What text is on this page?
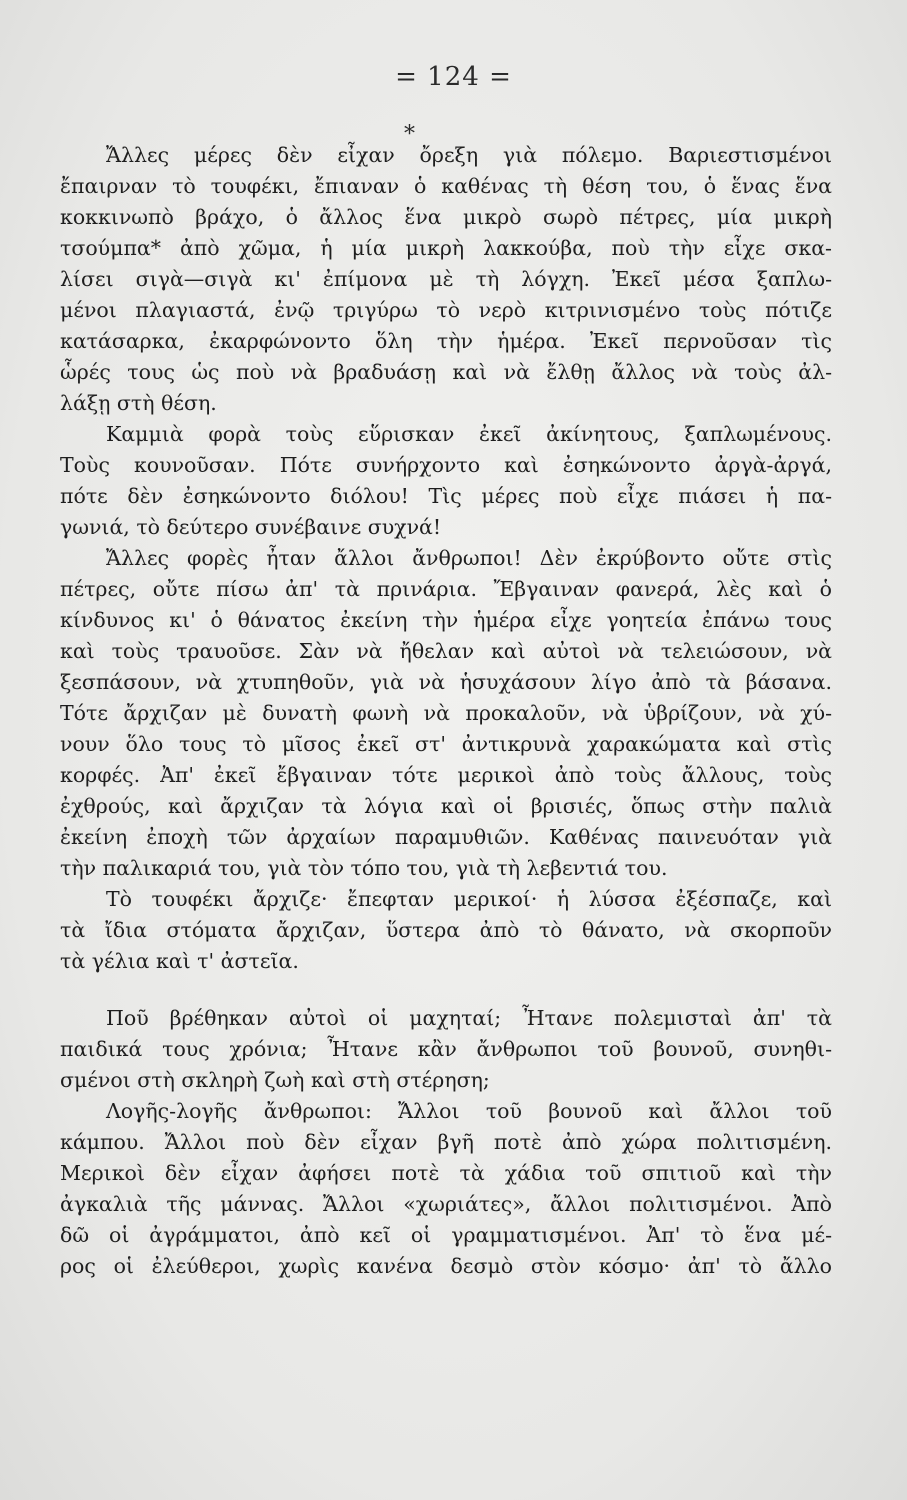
= 124 =
*
Ἄλλες μέρες δὲν εἶχαν ὄρεξη γιὰ πόλεμο. Βαριεστισμένοι
ἔπαιρναν τὸ τουφέκι, ἔπιαναν ὁ καθένας τὴ θέση του, ὁ ἕνας ἕνα
κοκκινωπὸ βράχο, ὁ ἄλλος ἕνα μικρὸ σωρὸ πέτρες, μία μικρὴ
τσούμπα* ἀπὸ χῶμα, ἡ μία μικρὴ λακκούβα, ποὺ τὴν εἶχε σκα-
λίσει σιγὰ—σιγὰ κι' ἐπίμονα μὲ τὴ λόγχη. Ἐκεῖ μέσα ξαπλω-
μένοι πλαγιαστά, ἐνῷ τριγύρω τὸ νερὸ κιτρινισμένο τοὺς πότιζε
κατάσαρκα, ἐκαρφώνοντο ὅλη τὴν ἡμέρα. Ἐκεῖ περνοῦσαν τὶς
ὧρές τους ὡς ποὺ νὰ βραδυάσῃ καὶ νὰ ἔλθῃ ἄλλος νὰ τοὺς ἀλ-
λάξῃ στὴ θέση.
Καμμιὰ φορὰ τοὺς εὕρισκαν ἐκεῖ ἀκίνητους, ξαπλωμένους.
Τοὺς κουνοῦσαν. Πότε συνήρχοντο καὶ ἐσηκώνοντο ἀργὰ-ἀργά,
πότε δὲν ἐσηκώνοντο διόλου! Τὶς μέρες ποὺ εἶχε πιάσει ἡ πα-
γωνιά, τὸ δεύτερο συνέβαινε συχνά!
Ἄλλες φορὲς ἦταν ἄλλοι ἄνθρωποι! Δὲν ἐκρύβοντο οὔτε στὶς
πέτρες, οὔτε πίσω ἀπ' τὰ πρινάρια. Ἔβγαιναν φανερά, λὲς καὶ ὁ
κίνδυνος κι' ὁ θάνατος ἐκείνη τὴν ἡμέρα εἶχε γοητεία ἐπάνω τους
καὶ τοὺς τραυοῦσε. Σὰν νὰ ἤθελαν καὶ αὐτοὶ νὰ τελειώσουν, νὰ
ξεσπάσουν, νὰ χτυπηθοῦν, γιὰ νὰ ἡσυχάσουν λίγο ἀπὸ τὰ βάσανα.
Τότε ἄρχιζαν μὲ δυνατὴ φωνὴ νὰ προκαλοῦν, νὰ ὑβρίζουν, νὰ χύ-
νουν ὅλο τους τὸ μῖσος ἐκεῖ στ' ἀντικρυνὰ χαρακώματα καὶ στὶς
κορφές. Ἀπ' ἐκεῖ ἔβγαιναν τότε μερικοὶ ἀπὸ τοὺς ἄλλους, τοὺς
ἐχθρούς, καὶ ἄρχιζαν τὰ λόγια καὶ οἱ βρισιές, ὅπως στὴν παλιὰ
ἐκείνη ἐποχὴ τῶν ἀρχαίων παραμυθιῶν. Καθένας παινευόταν γιὰ
τὴν παλικαριά του, γιὰ τὸν τόπο του, γιὰ τὴ λεβεντιά του.
Τὸ τουφέκι ἄρχιζε· ἔπεφταν μερικοί· ἡ λύσσα ἐξέσπαζε, καὶ
τὰ ἴδια στόματα ἄρχιζαν, ὕστερα ἀπὸ τὸ θάνατο, νὰ σκορποῦν
τὰ γέλια καὶ τ' ἀστεῖα.
Ποῦ βρέθηκαν αὐτοὶ οἱ μαχηταί; Ἦτανε πολεμισταὶ ἀπ' τὰ
παιδικά τους χρόνια; Ἦτανε κἂν ἄνθρωποι τοῦ βουνοῦ, συνηθι-
σμένοι στὴ σκληρὴ ζωὴ καὶ στὴ στέρηση;
Λογῆς-λογῆς ἄνθρωποι: Ἄλλοι τοῦ βουνοῦ καὶ ἄλλοι τοῦ
κάμπου. Ἄλλοι ποὺ δὲν εἶχαν βγῆ ποτὲ ἀπὸ χώρα πολιτισμένη.
Μερικοὶ δὲν εἶχαν ἀφήσει ποτὲ τὰ χάδια τοῦ σπιτιοῦ καὶ τὴν
ἀγκαλιὰ τῆς μάννας. Ἄλλοι «χωριάτες», ἄλλοι πολιτισμένοι. Ἀπὸ
δῶ οἱ ἀγράμματοι, ἀπὸ κεῖ οἱ γραμματισμένοι. Ἀπ' τὸ ἕνα μέ-
ρος οἱ ἐλεύθεροι, χωρὶς κανένα δεσμὸ στὸν κόσμο· ἀπ' τὸ ἄλλο
